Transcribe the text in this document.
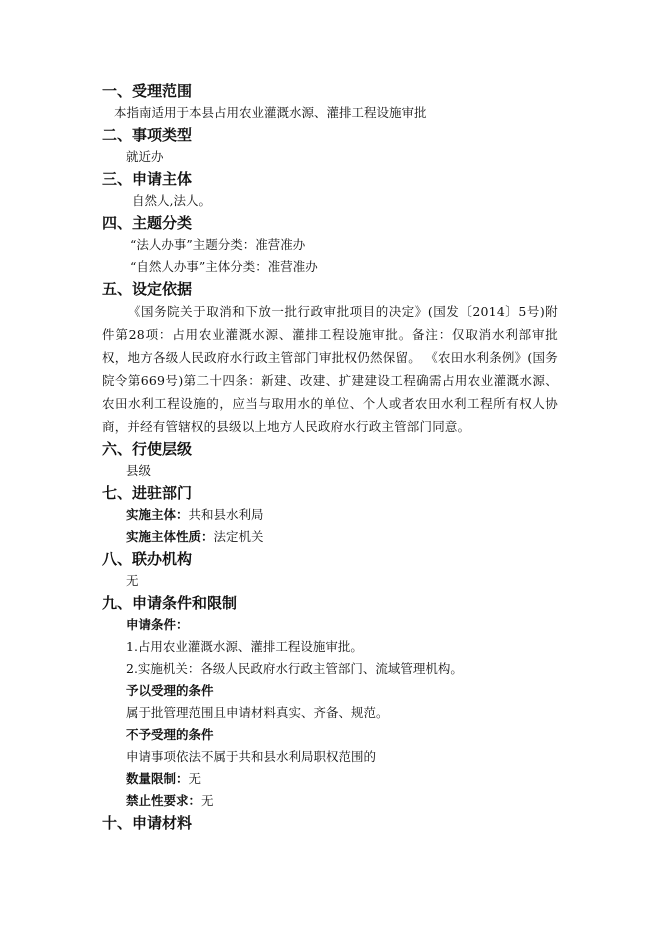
一、受理范围
本指南适用于本县占用农业灌溉水源、灌排工程设施审批
二、事项类型
就近办
三、申请主体
自然人,法人。
四、主题分类
“法人办事”主题分类：准营准办
“自然人办事”主体分类：准营准办
五、设定依据
《国务院关于取消和下放一批行政审批项目的决定》(国发〔2014〕5号)附件第28项：占用农业灌溉水源、灌排工程设施审批。备注：仅取消水利部审批权，地方各级人民政府水行政主管部门审批权仍然保留。 《农田水利条例》(国务院令第669号)第二十四条：新建、改建、扩建建设工程确需占用农业灌溉水源、农田水利工程设施的，应当与取用水的单位、个人或者农田水利工程所有权人协商，并经有管辖权的县级以上地方人民政府水行政主管部门同意。
六、行使层级
县级
七、进驻部门
实施主体：共和县水利局
实施主体性质：法定机关
八、联办机构
无
九、申请条件和限制
申请条件：
1.占用农业灌溉水源、灌排工程设施审批。
2.实施机关：各级人民政府水行政主管部门、流域管理机构。
予以受理的条件
属于批管理范围且申请材料真实、齐备、规范。
不予受理的条件
申请事项依法不属于共和县水利局职权范围的
数量限制：无
禁止性要求：无
十、申请材料
